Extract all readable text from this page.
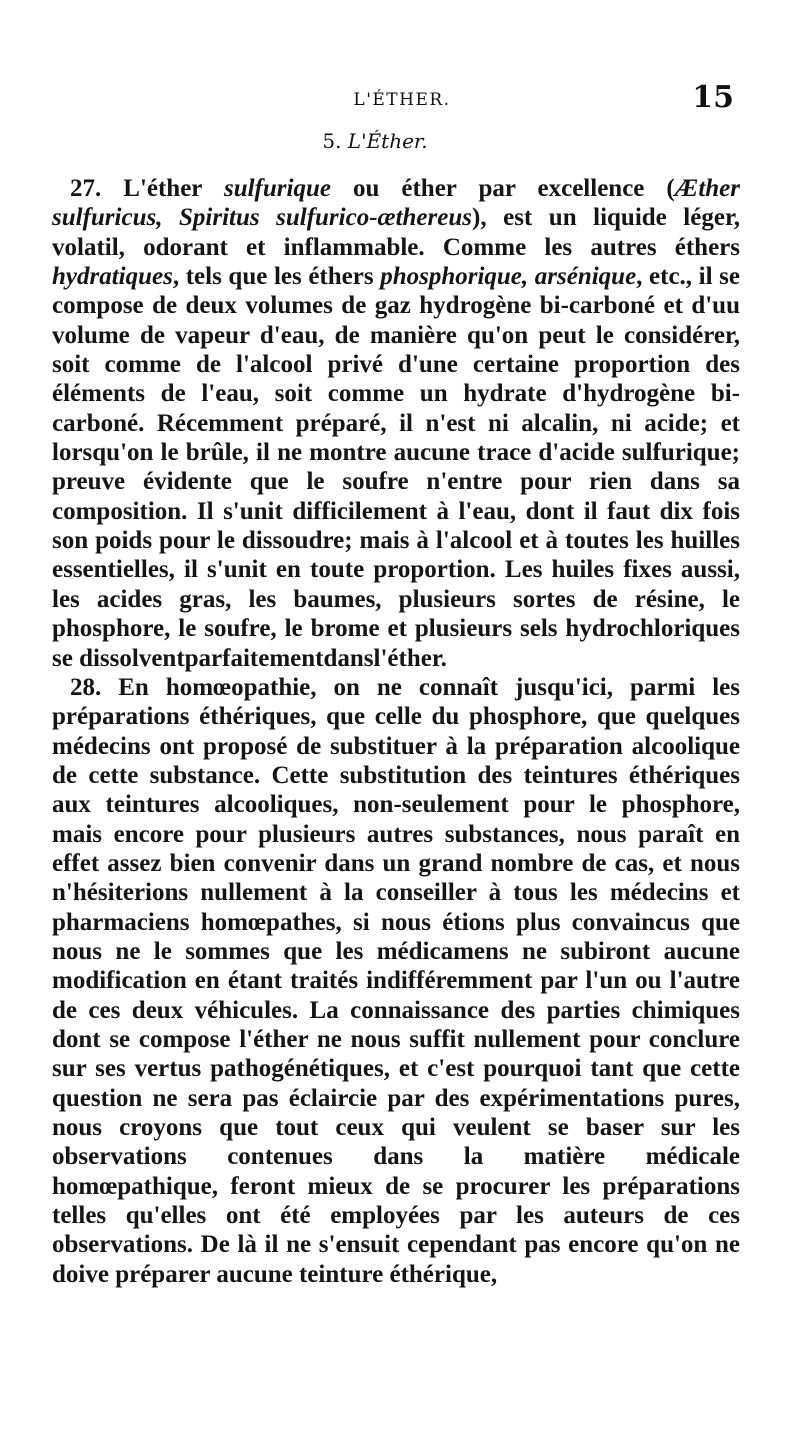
L'ÉTHER.	15
5. L'Éther.

27. L'éther sulfurique ou éther par excellence (Æther sulfuricus, Spiritus sulfurico-æthereus), est un liquide léger, volatil, odorant et inflammable. Comme les autres éthers hydratiques, tels que les éthers phosphorique, arsénique, etc., il se compose de deux volumes de gaz hydrogène bi-carboné et d'uu volume de vapeur d'eau, de manière qu'on peut le considérer, soit comme de l'alcool privé d'une certaine proportion des éléments de l'eau, soit comme un hydrate d'hydrogène bi-carboné. Récemment préparé, il n'est ni alcalin, ni acide; et lorsqu'on le brûle, il ne montre aucune trace d'acide sulfurique; preuve évidente que le soufre n'entre pour rien dans sa composition. Il s'unit difficilement à l'eau, dont il faut dix fois son poids pour le dissoudre; mais à l'alcool et à toutes les huilles essentielles, il s'unit en toute proportion. Les huiles fixes aussi, les acides gras, les baumes, plusieurs sortes de résine, le phosphore, le soufre, le brome et plusieurs sels hydrochloriques se dissolventparfaitementdansl'éther.

28. En homœopathie, on ne connaît jusqu'ici, parmi les préparations éthériques, que celle du phosphore, que quelques médecins ont proposé de substituer à la préparation alcoolique de cette substance. Cette substitution des teintures éthériques aux teintures alcooliques, non-seulement pour le phosphore, mais encore pour plusieurs autres substances, nous paraît en effet assez bien convenir dans un grand nombre de cas, et nous n'hésiterions nullement à la conseiller à tous les médecins et pharmaciens homœpathes, si nous étions plus convaincus que nous ne le sommes que les médicamens ne subiront aucune modification en étant traités indifféremment par l'un ou l'autre de ces deux véhicules. La connaissance des parties chimiques dont se compose l'éther ne nous suffit nullement pour conclure sur ses vertus pathogénétiques, et c'est pourquoi tant que cette question ne sera pas éclaircie par des expérimentations pures, nous croyons que tout ceux qui veulent se baser sur les observations contenues dans la matière médicale homœpathique, feront mieux de se procurer les préparations telles qu'elles ont été employées par les auteurs de ces observations. De là il ne s'ensuit cependant pas encore qu'on ne doive préparer aucune teinture éthérique,
